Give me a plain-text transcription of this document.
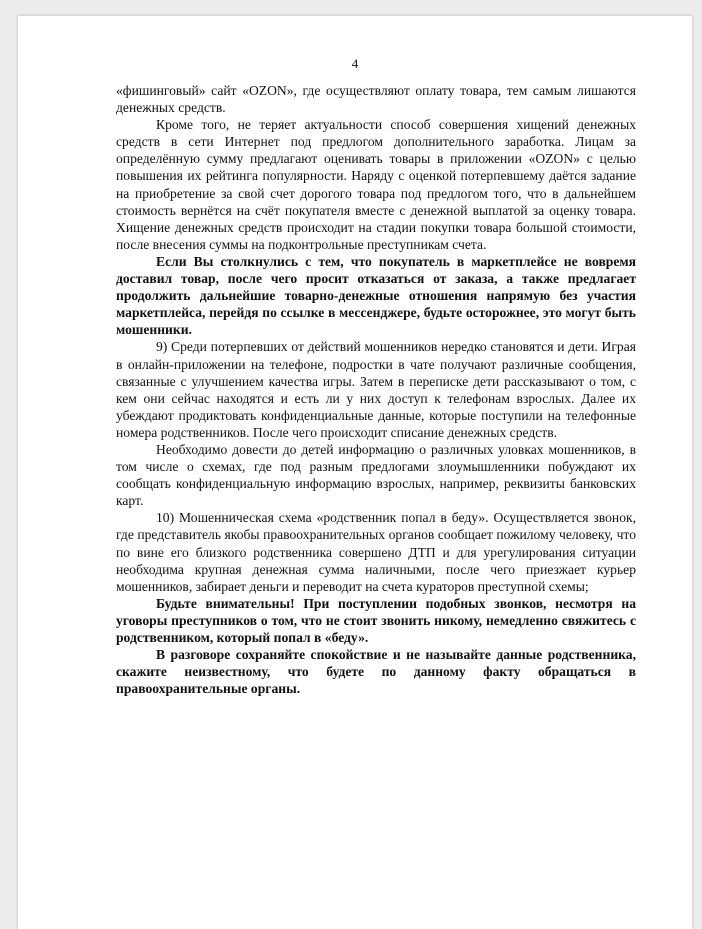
4

«фишинговый» сайт «OZON», где осуществляют оплату товара, тем самым лишаются денежных средств.

Кроме того, не теряет актуальности способ совершения хищений денежных средств в сети Интернет под предлогом дополнительного заработка. Лицам за определённую сумму предлагают оценивать товары в приложении «OZON» с целью повышения их рейтинга популярности. Наряду с оценкой потерпевшему даётся задание на приобретение за свой счет дорогого товара под предлогом того, что в дальнейшем стоимость вернётся на счёт покупателя вместе с денежной выплатой за оценку товара. Хищение денежных средств происходит на стадии покупки товара большой стоимости, после внесения суммы на подконтрольные преступникам счета.

Если Вы столкнулись с тем, что покупатель в маркетплейсе не вовремя доставил товар, после чего просит отказаться от заказа, а также предлагает продолжить дальнейшие товарно-денежные отношения напрямую без участия маркетплейса, перейдя по ссылке в мессенджере, будьте осторожнее, это могут быть мошенники.

9) Среди потерпевших от действий мошенников нередко становятся и дети. Играя в онлайн-приложении на телефоне, подростки в чате получают различные сообщения, связанные с улучшением качества игры. Затем в переписке дети рассказывают о том, с кем они сейчас находятся и есть ли у них доступ к телефонам взрослых. Далее их убеждают продиктовать конфиденциальные данные, которые поступили на телефонные номера родственников. После чего происходит списание денежных средств.

Необходимо довести до детей информацию о различных уловках мошенников, в том числе о схемах, где под разным предлогами злоумышленники побуждают их сообщать конфиденциальную информацию взрослых, например, реквизиты банковских карт.

10) Мошенническая схема «родственник попал в беду». Осуществляется звонок, где представитель якобы правоохранительных органов сообщает пожилому человеку, что по вине его близкого родственника совершено ДТП и для урегулирования ситуации необходима крупная денежная сумма наличными, после чего приезжает курьер мошенников, забирает деньги и переводит на счета кураторов преступной схемы;

Будьте внимательны! При поступлении подобных звонков, несмотря на уговоры преступников о том, что не стоит звонить никому, немедленно свяжитесь с родственником, который попал в «беду».

В разговоре сохраняйте спокойствие и не называйте данные родственника, скажите неизвестному, что будете по данному факту обращаться в правоохранительные органы.
